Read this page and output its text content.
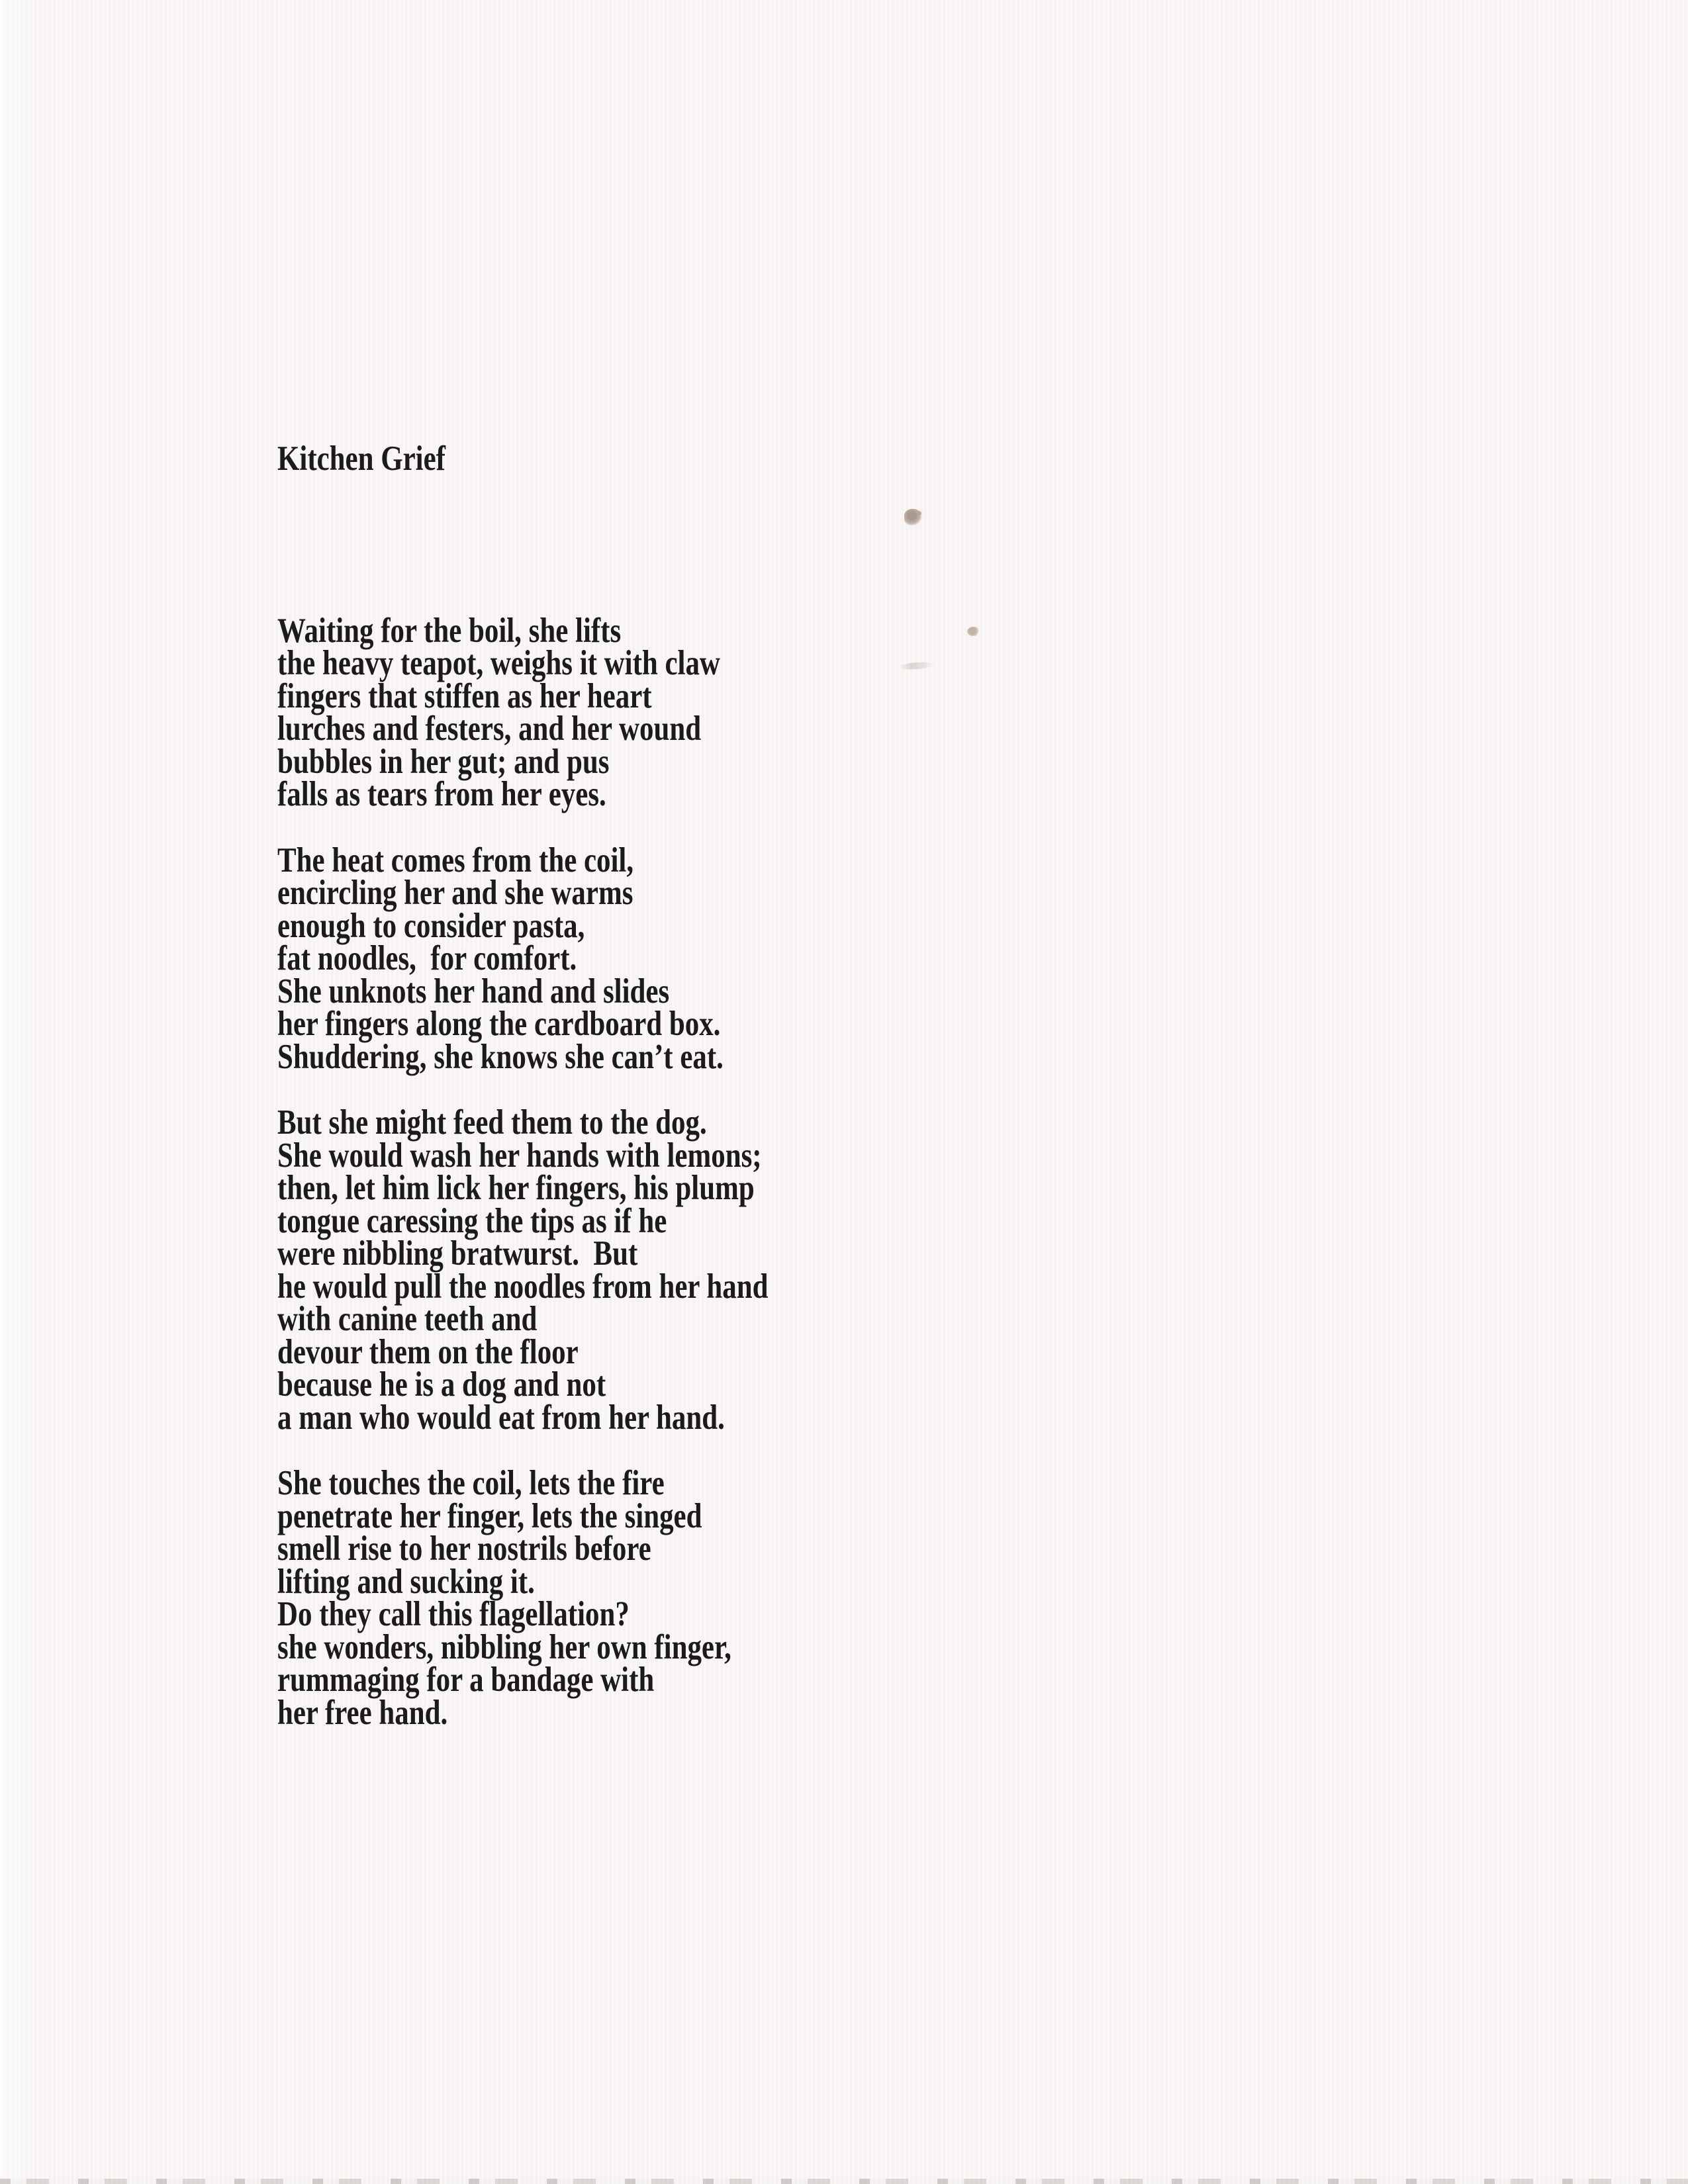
Kitchen Grief

Waiting for the boil, she lifts
the heavy teapot, weighs it with claw
fingers that stiffen as her heart
lurches and festers, and her wound
bubbles in her gut; and pus
falls as tears from her eyes.
The heat comes from the coil,
encircling her and she warms
enough to consider pasta,
fat noodles,  for comfort.
She unknots her hand and slides
her fingers along the cardboard box.
Shuddering, she knows she can’t eat.
But she might feed them to the dog.
She would wash her hands with lemons;
then, let him lick her fingers, his plump
tongue caressing the tips as if he
were nibbling bratwurst.  But
he would pull the noodles from her hand
with canine teeth and
devour them on the floor
because he is a dog and not
a man who would eat from her hand.
She touches the coil, lets the fire
penetrate her finger, lets the singed
smell rise to her nostrils before
lifting and sucking it.
Do they call this flagellation?
she wonders, nibbling her own finger,
rummaging for a bandage with
her free hand.
